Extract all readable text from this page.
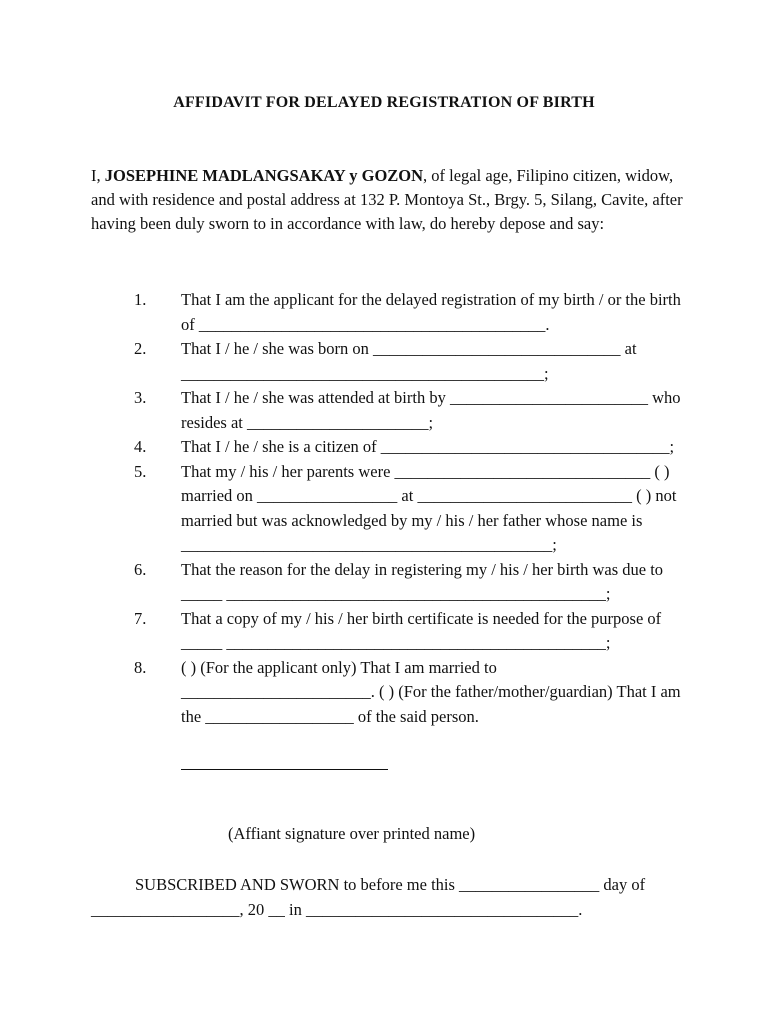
AFFIDAVIT FOR DELAYED REGISTRATION OF BIRTH
I, JOSEPHINE MADLANGSAKAY y GOZON, of legal age, Filipino citizen, widow, and with residence and postal address at 132 P. Montoya St., Brgy. 5, Silang, Cavite, after having been duly sworn to in accordance with law, do hereby depose and say:
1.	That I am the applicant for the delayed registration of my birth / or the birth of __________________________________________.
2.	That I / he / she was born on ______________________________ at ____________________________________________;
3.	That I / he / she was attended at birth by ________________________ who resides at ______________________;
4.	That I / he / she is a citizen of ___________________________________;
5.	That my / his / her parents were _______________________________ ( ) married on _________________ at __________________________ ( ) not married but was acknowledged by my / his / her father whose name is _____________________________________________;
6.	That the reason for the delay in registering my / his / her birth was due to _____ ______________________________________________;
7.	That a copy of my / his / her birth certificate is needed for the purpose of _____ ______________________________________________;
8.	( ) (For the applicant only) That I am married to _______________________. ( ) (For the father/mother/guardian) That I am the __________________ of the said person.
(Affiant signature over printed name)
SUBSCRIBED AND SWORN to before me this _________________ day of __________________, 20 __ in _________________________________.
